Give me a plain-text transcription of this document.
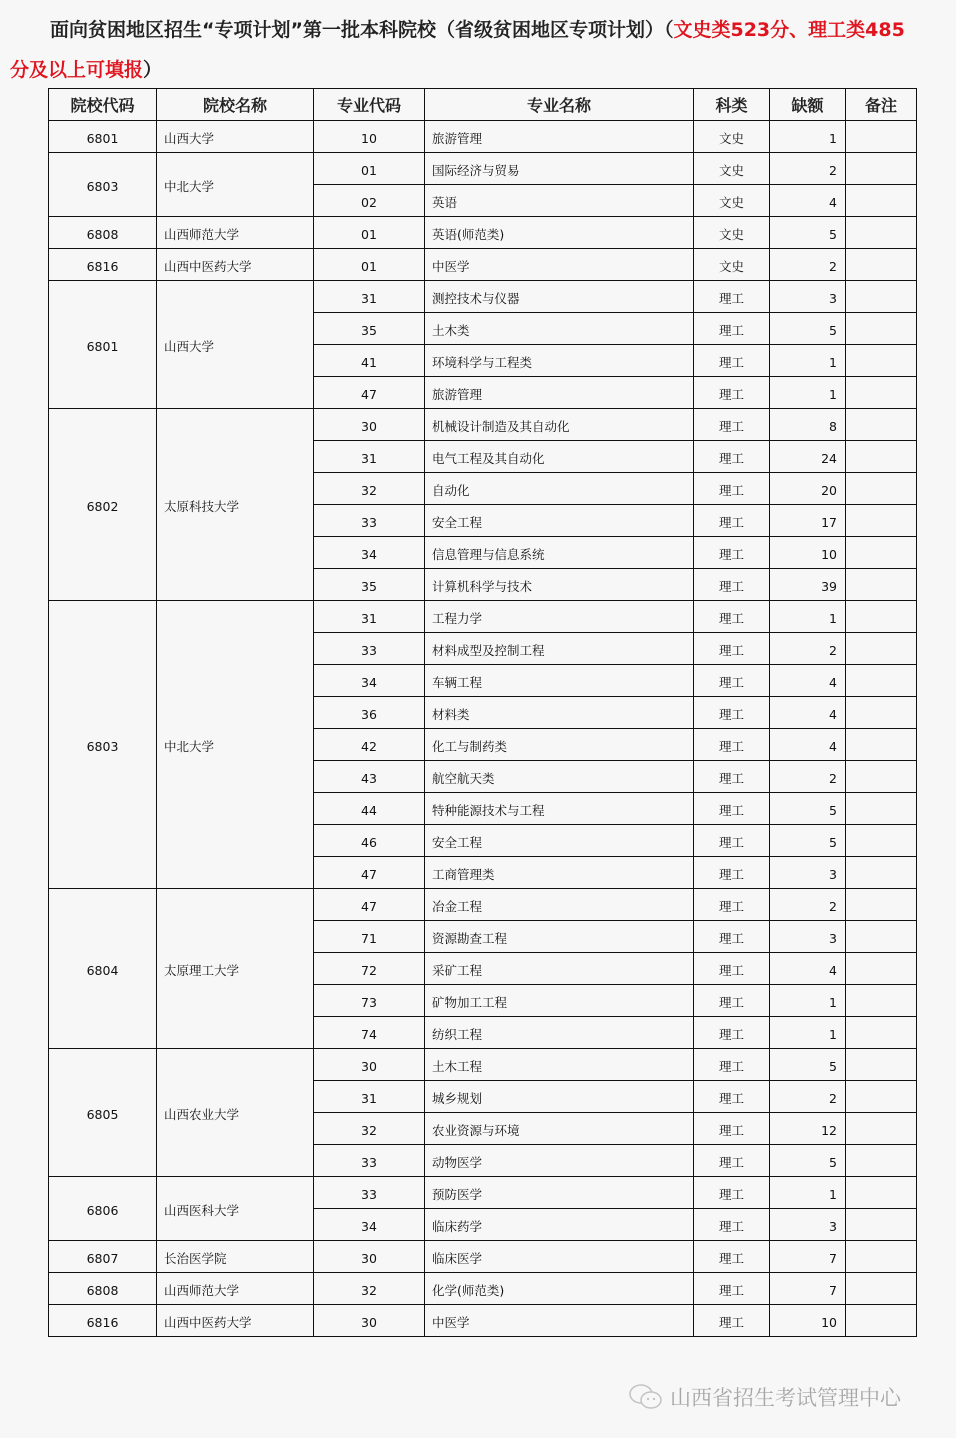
面向贫困地区招生“专项计划”第一批本科院校（省级贫困地区专项计划）（文史类523分、理工类485
分及以上可填报）
院校代码	院校名称	专业代码	专业名称	科类	缺额	备注
6801	山西大学	10	旅游管理	文史	1	
6803	中北大学	01	国际经济与贸易	文史	2	
		02	英语	文史	4	
6808	山西师范大学	01	英语(师范类)	文史	5	
6816	山西中医药大学	01	中医学	文史	2	
6801	山西大学	31	测控技术与仪器	理工	3	
		35	土木类	理工	5	
		41	环境科学与工程类	理工	1	
		47	旅游管理	理工	1	
6802	太原科技大学	30	机械设计制造及其自动化	理工	8	
		31	电气工程及其自动化	理工	24	
		32	自动化	理工	20	
		33	安全工程	理工	17	
		34	信息管理与信息系统	理工	10	
		35	计算机科学与技术	理工	39	
6803	中北大学	31	工程力学	理工	1	
		33	材料成型及控制工程	理工	2	
		34	车辆工程	理工	4	
		36	材料类	理工	4	
		42	化工与制药类	理工	4	
		43	航空航天类	理工	2	
		44	特种能源技术与工程	理工	5	
		46	安全工程	理工	5	
		47	工商管理类	理工	3	
6804	太原理工大学	47	冶金工程	理工	2	
		71	资源勘查工程	理工	3	
		72	采矿工程	理工	4	
		73	矿物加工工程	理工	1	
		74	纺织工程	理工	1	
6805	山西农业大学	30	土木工程	理工	5	
		31	城乡规划	理工	2	
		32	农业资源与环境	理工	12	
		33	动物医学	理工	5	
6806	山西医科大学	33	预防医学	理工	1	
		34	临床药学	理工	3	
6807	长治医学院	30	临床医学	理工	7	
6808	山西师范大学	32	化学(师范类)	理工	7	
6816	山西中医药大学	30	中医学	理工	10	
山西省招生考试管理中心
